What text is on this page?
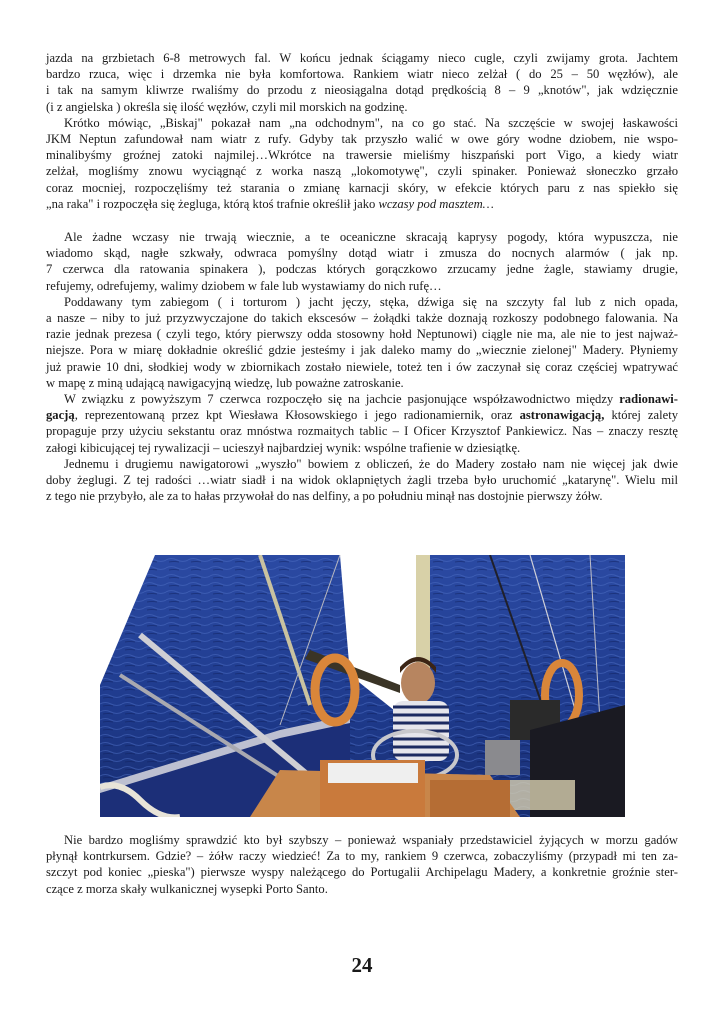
jazda na grzbietach 6-8 metrowych fal. W końcu jednak ściągamy nieco cugle, czyli zwijamy grota. Jachtem
bardzo rzuca, więc i drzemka nie była komfortowa. Rankiem wiatr nieco zelżał ( do 25 – 50 węzłów), ale
i tak na samym kliwrze rwaliśmy do przodu z nieosiągalna dotąd prędkością 8 – 9 „knotów", jak wdzięcznie
(i z angielska ) określa się ilość węzłów, czyli mil morskich na godzinę.

Krótko mówiąc, „Biskaj" pokazał nam „na odchodnym", na co go stać. Na szczęście w swojej łaskawości
JKM Neptun zafundował nam wiatr z rufy. Gdyby tak przyszło walić w owe góry wodne dziobem, nie wspo-
minalibyśmy groźnej zatoki najmilej…Wkrótce na trawersie mieliśmy hiszpański port Vigo, a kiedy wiatr
zelżał, mogliśmy znowu wyciągnąć z worka naszą „lokomotywę", czyli spinaker. Ponieważ słoneczko grzało
coraz mocniej, rozpoczęliśmy też starania o zmianę karnacji skóry, w efekcie których paru z nas spiekło się
„na raka" i rozpoczęła się żegluga, którą ktoś trafnie określił jako wczasy pod masztem…

Ale żadne wczasy nie trwają wiecznie, a te oceaniczne skracają kaprysy pogody, która wypuszcza, nie
wiadomo skąd, nagłe szkwały, odwraca pomyślny dotąd wiatr i zmusza do nocnych alarmów ( jak np.
7 czerwca dla ratowania spinakera ), podczas których gorączkowo zrzucamy jedne żagle, stawiamy drugie,
refujemy, odrefujemy, walimy dziobem w fale lub wystawiamy do nich rufę…

Poddawany tym zabiegom ( i torturom ) jacht jęczy, stęka, dźwiga się na szczyty fal lub z nich opada,
a nasze – niby to już przyzwyczajone do takich ekscesów – żołądki także doznają rozkoszy podobnego falowania. Na
razie jednak prezesa ( czyli tego, który pierwszy odda stosowny hołd Neptunowi) ciągle nie ma, ale nie to jest najważ-
niejsze. Pora w miarę dokładnie określić gdzie jesteśmy i jak daleko mamy do „wiecznie zielonej" Madery. Płyniemy
już prawie 10 dni, słodkiej wody w zbiornikach zostało niewiele, toteż ten i ów zaczynał się coraz częściej wpatrywać
w mapę z miną udającą nawigacyjną wiedzę, lub poważne zatroskanie.

W związku z powyższym 7 czerwca rozpoczęło się na jachcie pasjonujące współzawodnictwo między radionawi-
gacją, reprezentowaną przez kpt Wiesława Kłosowskiego i jego radionamiernik, oraz astronawigacją, której zalety
propaguje przy użyciu sekstantu oraz mnóstwa rozmaitych tablic – I Oficer Krzysztof Pankiewicz. Nas – znaczy resztę
załogi kibicującej tej rywalizacji – ucieszył najbardziej wynik: wspólne trafienie w dziesiątkę.

Jednemu i drugiemu nawigatorowi „wyszło" bowiem z obliczeń, że do Madery zostało nam nie więcej jak dwie
doby żeglugi. Z tej radości …wiatr siadł i na widok oklapniętych żagli trzeba było uruchomić „katarynę". Wielu mil
z tego nie przybyło, ale za to hałas przywołał do nas delfiny, a po południu minął nas dostojnie pierwszy żółw.

Nie bardzo mogliśmy sprawdzić kto był szybszy – ponieważ wspaniały przedstawiciel żyjących w morzu gadów
płynął kontrkursem. Gdzie? – żółw raczy wiedzieć! Za to my, rankiem 9 czerwca, zobaczyliśmy (przypadł mi ten za-
szczyt pod koniec „pieska") pierwsze wyspy należącego do Portugalii Archipelagu Madery, a konkretnie groźnie ster-
czące z morza skały wulkanicznej wysepki Porto Santo.

24
